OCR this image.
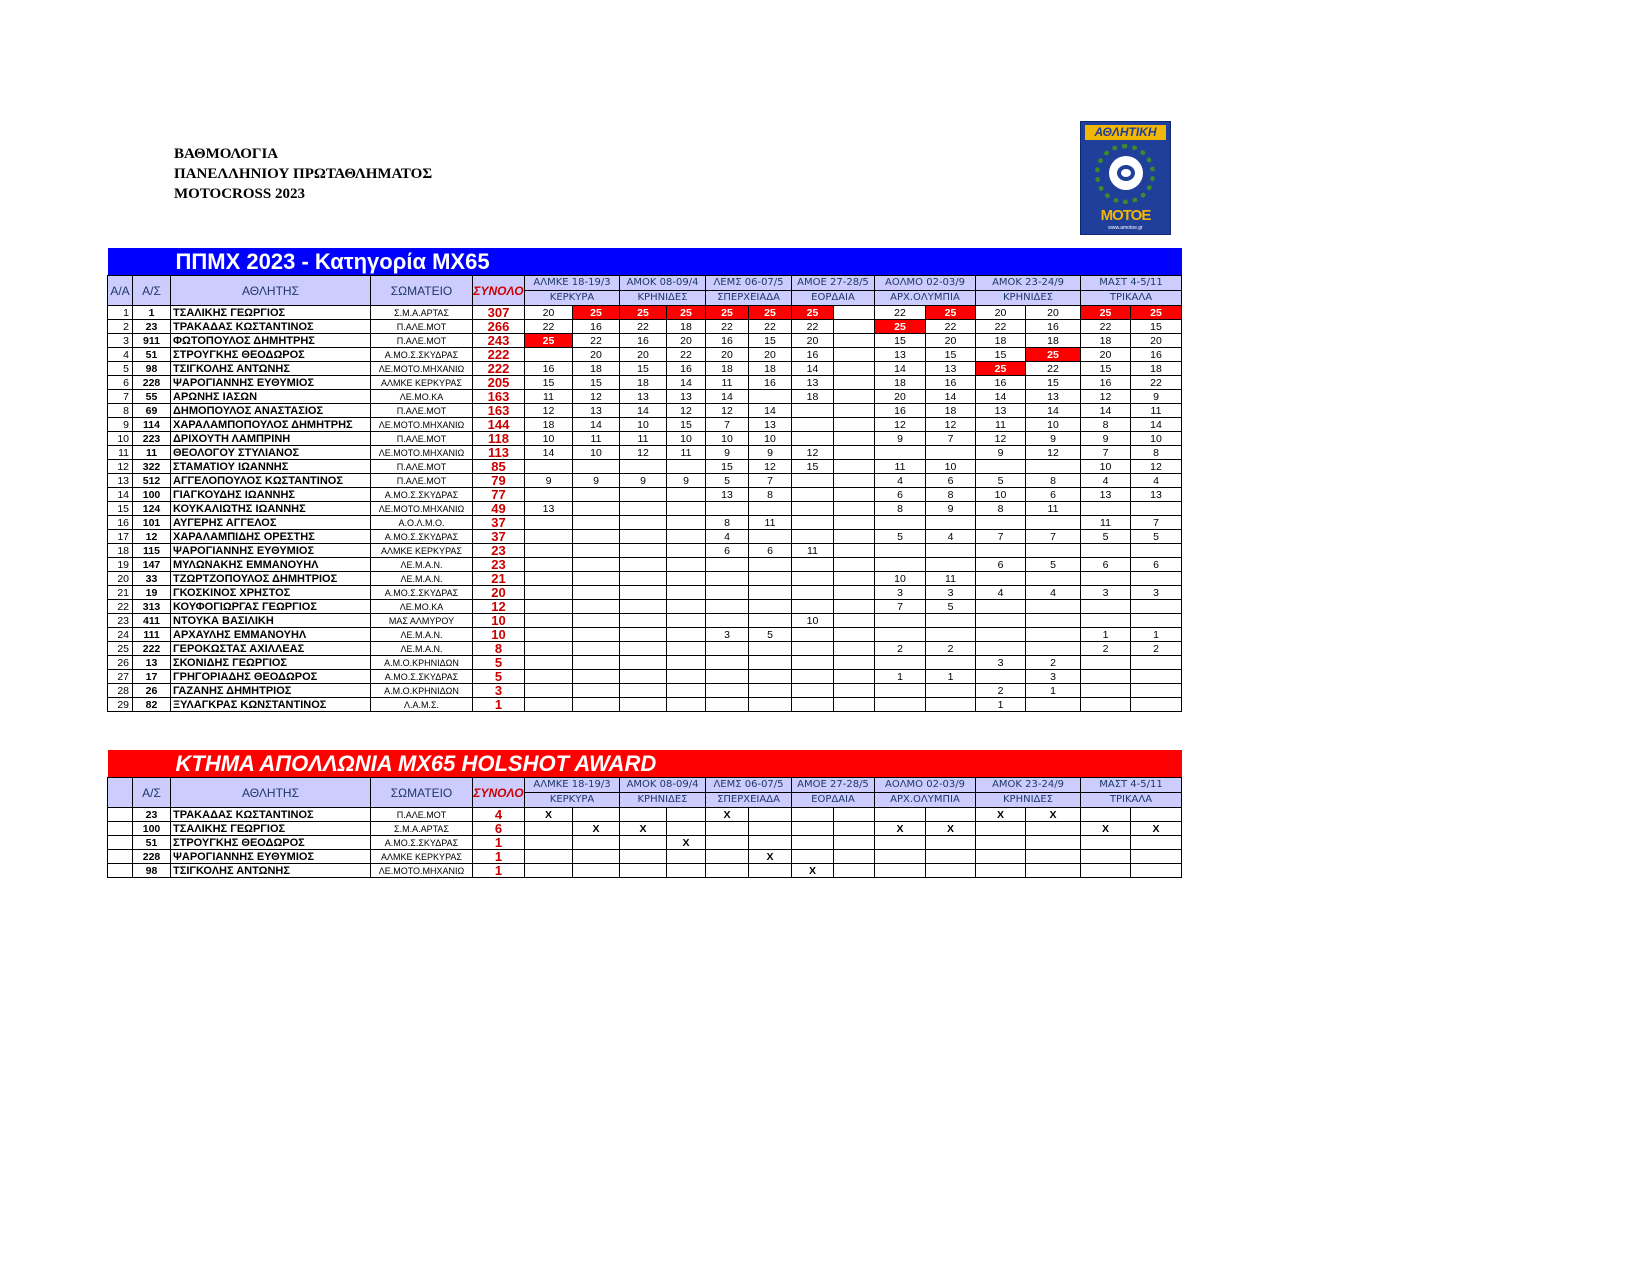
ΒΑΘΜΟΛΟΓΙΑ
ΠΑΝΕΛΛΗΝΙΟΥ ΠΡΩΤΑΘΛΗΜΑΤΟΣ
MOTOCROSS 2023
ΑΘΛΗΤΙΚΗ
ΜΟΤΟΕ
www.amotoe.gr
ΠΠΜΧ 2023 - Κατηγορία ΜΧ65																		
Α/Α	Α/Σ	ΑΘΛΗΤΗΣ	ΣΩΜΑΤΕΙΟ	ΣΥΝΟΛΟ	ΑΛΜΚΕ 18-19/3		ΑΜΟΚ 08-09/4		ΛΕΜΣ 06-07/5		ΑΜΟΕ 27-28/5		ΑΟΛΜΟ 02-03/9		ΑΜΟΚ 23-24/9		ΜΑΣΤ 4-5/11	
					ΚΕΡΚΥΡΑ		ΚΡΗΝΙΔΕΣ		ΣΠΕΡΧΕΙΑΔΑ		ΕΟΡΔΑΙΑ		ΑΡΧ.ΟΛΥΜΠΙΑ		ΚΡΗΝΙΔΕΣ		ΤΡΙΚΑΛΑ	
1	1	ΤΣΑΛΙΚΗΣ ΓΕΩΡΓΙΟΣ	Σ.Μ.Α.ΑΡΤΑΣ	307	20	25	25	25	25	25	25		22	25	20	20	25	25
2	23	ΤΡΑΚΑΔΑΣ ΚΩΣΤΑΝΤΙΝΟΣ	Π.ΑΛΕ.ΜΟΤ	266	22	16	22	18	22	22	22		25	22	22	16	22	15
3	911	ΦΩΤΟΠΟΥΛΟΣ ΔΗΜΗΤΡΗΣ	Π.ΑΛΕ.ΜΟΤ	243	25	22	16	20	16	15	20		15	20	18	18	18	20
4	51	ΣΤΡΟΥΓΚΗΣ ΘΕΟΔΩΡΟΣ	Α.ΜΟ.Σ.ΣΚΥΔΡΑΣ	222		20	20	22	20	20	16		13	15	15	25	20	16
5	98	ΤΣΙΓΚΟΛΗΣ ΑΝΤΩΝΗΣ	ΛΕ.ΜΟΤΟ.ΜΗΧΑΝΙΩ	222	16	18	15	16	18	18	14		14	13	25	22	15	18
6	228	ΨΑΡΟΓΙΑΝΝΗΣ ΕΥΘΥΜΙΟΣ	ΑΛΜΚΕ ΚΕΡΚΥΡΑΣ	205	15	15	18	14	11	16	13		18	16	16	15	16	22
7	55	ΑΡΩΝΗΣ ΙΑΣΩΝ	ΛΕ.ΜΟ.ΚΑ	163	11	12	13	13	14		18		20	14	14	13	12	9
8	69	ΔΗΜΟΠΟΥΛΟΣ ΑΝΑΣΤΑΣΙΟΣ	Π.ΑΛΕ.ΜΟΤ	163	12	13	14	12	12	14			16	18	13	14	14	11
9	114	ΧΑΡΑΛΑΜΠΟΠΟΥΛΟΣ ΔΗΜΗΤΡΗΣ	ΛΕ.ΜΟΤΟ.ΜΗΧΑΝΙΩ	144	18	14	10	15	7	13			12	12	11	10	8	14
10	223	ΔΡΙΧΟΥΤΗ ΛΑΜΠΡΙΝΗ	Π.ΑΛΕ.ΜΟΤ	118	10	11	11	10	10	10			9	7	12	9	9	10
11	11	ΘΕΟΛΟΓΟΥ ΣΤΥΛΙΑΝΟΣ	ΛΕ.ΜΟΤΟ.ΜΗΧΑΝΙΩ	113	14	10	12	11	9	9	12				9	12	7	8
12	322	ΣΤΑΜΑΤΙΟΥ ΙΩΑΝΝΗΣ	Π.ΑΛΕ.ΜΟΤ	85					15	12	15		11	10			10	12
13	512	ΑΓΓΕΛΟΠΟΥΛΟΣ ΚΩΣΤΑΝΤΙΝΟΣ	Π.ΑΛΕ.ΜΟΤ	79	9	9	9	9	5	7			4	6	5	8	4	4
14	100	ΓΙΑΓΚΟΥΔΗΣ ΙΩΑΝΝΗΣ	Α.ΜΟ.Σ.ΣΚΥΔΡΑΣ	77					13	8			6	8	10	6	13	13
15	124	ΚΟΥΚΑΛΙΩΤΗΣ ΙΩΑΝΝΗΣ	ΛΕ.ΜΟΤΟ.ΜΗΧΑΝΙΩ	49	13								8	9	8	11		
16	101	ΑΥΓΕΡΗΣ ΑΓΓΕΛΟΣ	Α.Ο.Λ.Μ.Ο.	37					8	11							11	7
17	12	ΧΑΡΑΛΑΜΠΙΔΗΣ ΟΡΕΣΤΗΣ	Α.ΜΟ.Σ.ΣΚΥΔΡΑΣ	37					4				5	4	7	7	5	5
18	115	ΨΑΡΟΓΙΑΝΝΗΣ ΕΥΘΥΜΙΟΣ	ΑΛΜΚΕ ΚΕΡΚΥΡΑΣ	23					6	6	11							
19	147	ΜΥΛΩΝΑΚΗΣ ΕΜΜΑΝΟΥΗΛ	ΛΕ.Μ.Α.Ν.	23											6	5	6	6
20	33	ΤΖΩΡΤΖΟΠΟΥΛΟΣ ΔΗΜΗΤΡΙΟΣ	ΛΕ.Μ.Α.Ν.	21									10	11				
21	19	ΓΚΟΣΚΙΝΟΣ ΧΡΗΣΤΟΣ	Α.ΜΟ.Σ.ΣΚΥΔΡΑΣ	20									3	3	4	4	3	3
22	313	ΚΟΥΦΟΓΙΩΡΓΑΣ ΓΕΩΡΓΙΟΣ	ΛΕ.ΜΟ.ΚΑ	12									7	5				
23	411	ΝΤΟΥΚΑ ΒΑΣΙΛΙΚΗ	ΜΑΣ ΑΛΜΥΡΟΥ	10							10							
24	111	ΑΡΧΑΥΛΗΣ ΕΜΜΑΝΟΥΗΛ	ΛΕ.Μ.Α.Ν.	10					3	5							1	1
25	222	ΓΕΡΟΚΩΣΤΑΣ ΑΧΙΛΛΕΑΣ	ΛΕ.Μ.Α.Ν.	8									2	2			2	2
26	13	ΣΚΟΝΙΔΗΣ ΓΕΩΡΓΙΟΣ	Α.Μ.Ο.ΚΡΗΝΙΔΩΝ	5											3	2		
27	17	ΓΡΗΓΟΡΙΑΔΗΣ ΘΕΟΔΩΡΟΣ	Α.ΜΟ.Σ.ΣΚΥΔΡΑΣ	5									1	1		3		
28	26	ΓΑΖΑΝΗΣ ΔΗΜΗΤΡΙΟΣ	Α.Μ.Ο.ΚΡΗΝΙΔΩΝ	3											2	1		
29	82	ΞΥΛΑΓΚΡΑΣ ΚΩΝΣΤΑΝΤΙΝΟΣ	Λ.Α.Μ.Σ.	1											1			
ΚΤΗΜΑ ΑΠΟΛΛΩΝΙΑ ΜΧ65 HOLSHOT AWARD																		
	Α/Σ	ΑΘΛΗΤΗΣ	ΣΩΜΑΤΕΙΟ	ΣΥΝΟΛΟ	ΑΛΜΚΕ 18-19/3		ΑΜΟΚ 08-09/4		ΛΕΜΣ 06-07/5		ΑΜΟΕ 27-28/5		ΑΟΛΜΟ 02-03/9		ΑΜΟΚ 23-24/9		ΜΑΣΤ 4-5/11	
					ΚΕΡΚΥΡΑ		ΚΡΗΝΙΔΕΣ		ΣΠΕΡΧΕΙΑΔΑ		ΕΟΡΔΑΙΑ		ΑΡΧ.ΟΛΥΜΠΙΑ		ΚΡΗΝΙΔΕΣ		ΤΡΙΚΑΛΑ	
	23	ΤΡΑΚΑΔΑΣ ΚΩΣΤΑΝΤΙΝΟΣ	Π.ΑΛΕ.ΜΟΤ	4	X				X						X	X		
	100	ΤΣΑΛΙΚΗΣ ΓΕΩΡΓΙΟΣ	Σ.Μ.Α.ΑΡΤΑΣ	6		X	X						X	X			X	X
	51	ΣΤΡΟΥΓΚΗΣ ΘΕΟΔΩΡΟΣ	Α.ΜΟ.Σ.ΣΚΥΔΡΑΣ	1				X										
	228	ΨΑΡΟΓΙΑΝΝΗΣ ΕΥΘΥΜΙΟΣ	ΑΛΜΚΕ ΚΕΡΚΥΡΑΣ	1						X								
	98	ΤΣΙΓΚΟΛΗΣ ΑΝΤΩΝΗΣ	ΛΕ.ΜΟΤΟ.ΜΗΧΑΝΙΩ	1							X							
